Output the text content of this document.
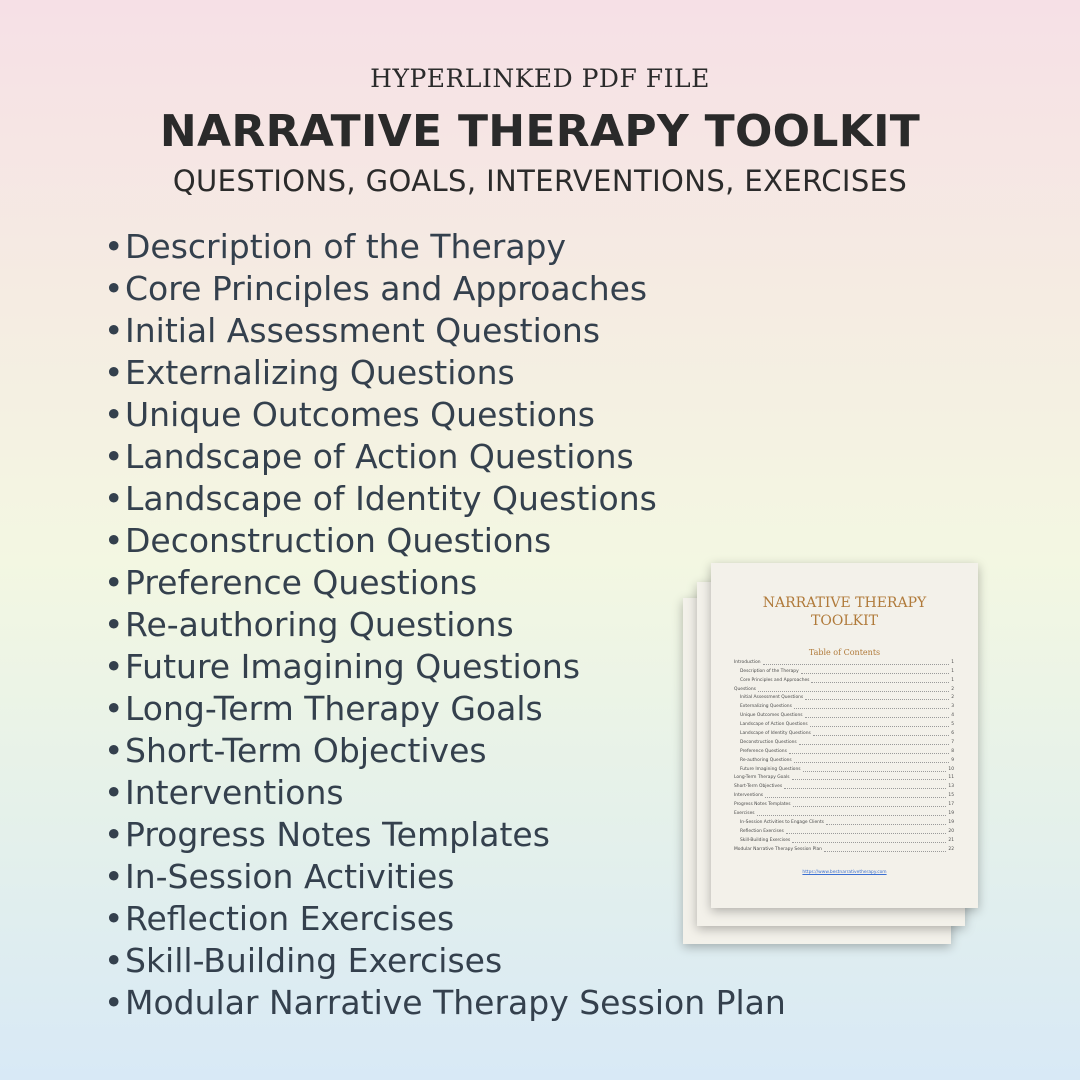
HYPERLINKED PDF FILE
NARRATIVE THERAPY TOOLKIT
QUESTIONS, GOALS, INTERVENTIONS, EXERCISES
•Description of the Therapy
•Core Principles and Approaches
•Initial Assessment Questions
•Externalizing Questions
•Unique Outcomes Questions
•Landscape of Action Questions
•Landscape of Identity Questions
•Deconstruction Questions
•Preference Questions
•Re-authoring Questions
•Future Imagining Questions
•Long-Term Therapy Goals
•Short-Term Objectives
•Interventions
•Progress Notes Templates
•In-Session Activities
•Reflection Exercises
•Skill-Building Exercises
•Modular Narrative Therapy Session Plan
NARRATIVE THERAPY
TOOLKIT
Table of Contents
Introduction	1
Description of the Therapy	1
Core Principles and Approaches	1
Questions	2
Initial Assessment Questions	2
Externalizing Questions	3
Unique Outcomes Questions	4
Landscape of Action Questions	5
Landscape of Identity Questions	6
Deconstruction Questions	7
Preference Questions	8
Re-authoring Questions	9
Future Imagining Questions	10
Long-Term Therapy Goals	11
Short-Term Objectives	13
Interventions	15
Progress Notes Templates	17
Exercises	19
In-Session Activities to Engage Clients	19
Reflection Exercises	20
Skill-Building Exercises	21
Modular Narrative Therapy Session Plan	22
https://www.bestnarrativetherapy.com
